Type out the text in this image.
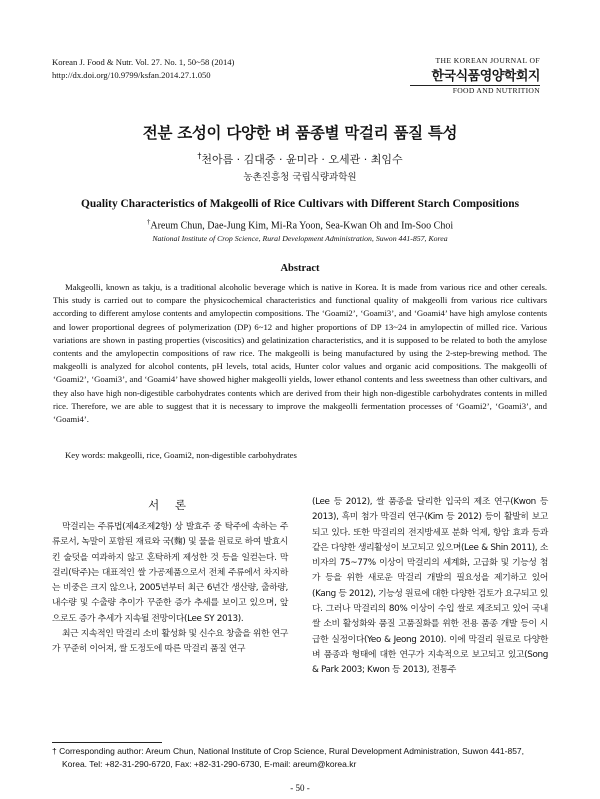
Korean J. Food & Nutr. Vol. 27. No. 1, 50~58 (2014)
http://dx.doi.org/10.9799/ksfan.2014.27.1.050
THE KOREAN JOURNAL OF
한국식품영양학회지
FOOD AND NUTRITION
전분 조성이 다양한 벼 품종별 막걸리 품질 특성
†천아름 · 김대중 · 윤미라 · 오세관 · 최임수
농촌진흥청 국립식량과학원
Quality Characteristics of Makgeolli of Rice Cultivars with Different Starch Compositions
†Areum Chun, Dae-Jung Kim, Mi-Ra Yoon, Sea-Kwan Oh and Im-Soo Choi
National Institute of Crop Science, Rural Development Administration, Suwon 441-857, Korea
Abstract

Makgeolli, known as takju, is a traditional alcoholic beverage which is native in Korea. It is made from various rice and other cereals. This study is carried out to compare the physicochemical characteristics and functional quality of makgeolli from various rice cultivars according to different amylose contents and amylopectin compositions. The ‘Goami2’, ‘Goami3’, and ‘Goami4’ have high amylose contents and lower proportional degrees of polymerization (DP) 6~12 and higher proportions of DP 13~24 in amylopectin of milled rice. Various variations are shown in pasting properties (viscositics) and gelatinization characteristics, and it is supposed to be related to both the amylose contents and the amylopectin compositions of raw rice. The makgeolli is being manufactured by using the 2-step-brewing method. The makgeolli is analyzed for alcohol contents, pH levels, total acids, Hunter color values and organic acid compositions. The makgeolli of ‘Goami2’, ‘Goami3’, and ‘Goami4’ have showed higher makgeolli yields, lower ethanol contents and less sweetness than other cultivars, and they also have high non-digestible carbohydrates contents which are derived from their high non-digestible carbohydrates contents in milled rice. Therefore, we are able to suggest that it is necessary to improve the makgeolli fermentation processes of ‘Goami2’, ‘Goami3’, and ‘Goami4’.

Key words: makgeolli, rice, Goami2, non-digestible carbohydrates
서 론

막걸리는 주류법(제4조제2항) 상 발효주 중 탁주에 속하는 주류로서, 녹말이 포함된 재료와 국(麴) 및 물을 원료로 하여 발효시킨 술덧을 여과하지 않고 혼탁하게 제성한 것 등을 일컫는다. 막걸리(탁주)는 대표적인 쌀 가공제품으로서 전체 주류에서 차지하는 비중은 크지 않으나, 2005년부터 최근 6년간 생산량, 출하량, 내수량 및 수출량 추이가 꾸준한 증가 추세를 보이고 있으며, 앞으로도 증가 추세가 지속될 전망이다(Lee SY 2013).

최근 지속적인 막걸리 소비 활성화 및 신수요 창출을 위한 연구가 꾸준히 이어져, 쌀 도정도에 따른 막걸리 품질 연구

(Lee 등 2012), 쌀 품종을 달리한 입국의 제조 연구(Kwon 등 2013), 흑미 첨가 막걸리 연구(Kim 등 2012) 등이 활발히 보고되고 있다. 또한 막걸리의 전지방세포 분화 억제, 항암 효과 등과 같은 다양한 생리활성이 보고되고 있으며(Lee & Shin 2011), 소비자의 75~77% 이상이 막걸리의 세계화, 고급화 및 기능성 첨가 등을 위한 새로운 막걸리 개발의 필요성을 제기하고 있어(Kang 등 2012), 기능성 원료에 대한 다양한 검토가 요구되고 있다. 그러나 막걸리의 80% 이상이 수입 쌀로 제조되고 있어 국내 쌀 소비 활성화와 품질 고품질화를 위한 전용 품종 개발 등이 시급한 실정이다(Yeo & Jeong 2010). 이에 막걸리 원료로 다양한 벼 품종과 형태에 대한 연구가 지속적으로 보고되고 있고(Song & Park 2003; Kwon 등 2013), 전통주

† Corresponding author: Areum Chun, National Institute of Crop Science, Rural Development Administration, Suwon 441-857,
Korea. Tel: +82-31-290-6720, Fax: +82-31-290-6730, E-mail: areum@korea.kr
- 50 -
